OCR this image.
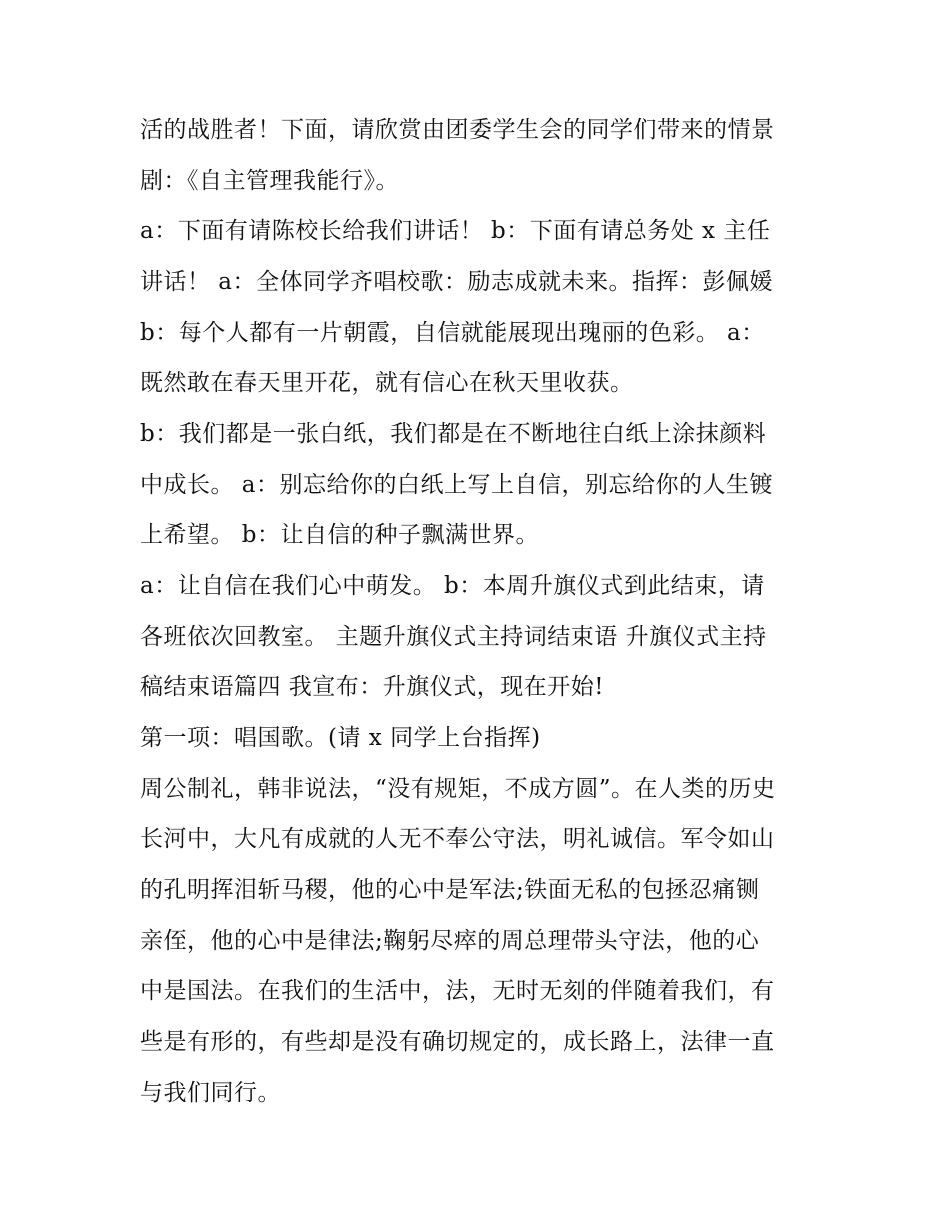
活的战胜者！下面，请欣赏由团委学生会的同学们带来的情景

剧：《自主管理我能行》。

a：下面有请陈校长给我们讲话！ b：下面有请总务处 x 主任

讲话！ a：全体同学齐唱校歌：励志成就未来。指挥：彭佩媛

b：每个人都有一片朝霞，自信就能展现出瑰丽的色彩。 a：

既然敢在春天里开花，就有信心在秋天里收获。

b：我们都是一张白纸，我们都是在不断地往白纸上涂抹颜料

中成长。 a：别忘给你的白纸上写上自信，别忘给你的人生镀

上希望。 b：让自信的种子飘满世界。

a：让自信在我们心中萌发。 b：本周升旗仪式到此结束，请

各班依次回教室。 主题升旗仪式主持词结束语 升旗仪式主持

稿结束语篇四 我宣布：升旗仪式，现在开始!

第一项：唱国歌。(请 x 同学上台指挥)

周公制礼，韩非说法，“没有规矩，不成方圆”。在人类的历史

长河中，大凡有成就的人无不奉公守法，明礼诚信。军令如山

的孔明挥泪斩马稷，他的心中是军法;铁面无私的包拯忍痛铡

亲侄，他的心中是律法;鞠躬尽瘁的周总理带头守法，他的心

中是国法。在我们的生活中，法，无时无刻的伴随着我们，有

些是有形的，有些却是没有确切规定的，成长路上，法律一直

与我们同行。
